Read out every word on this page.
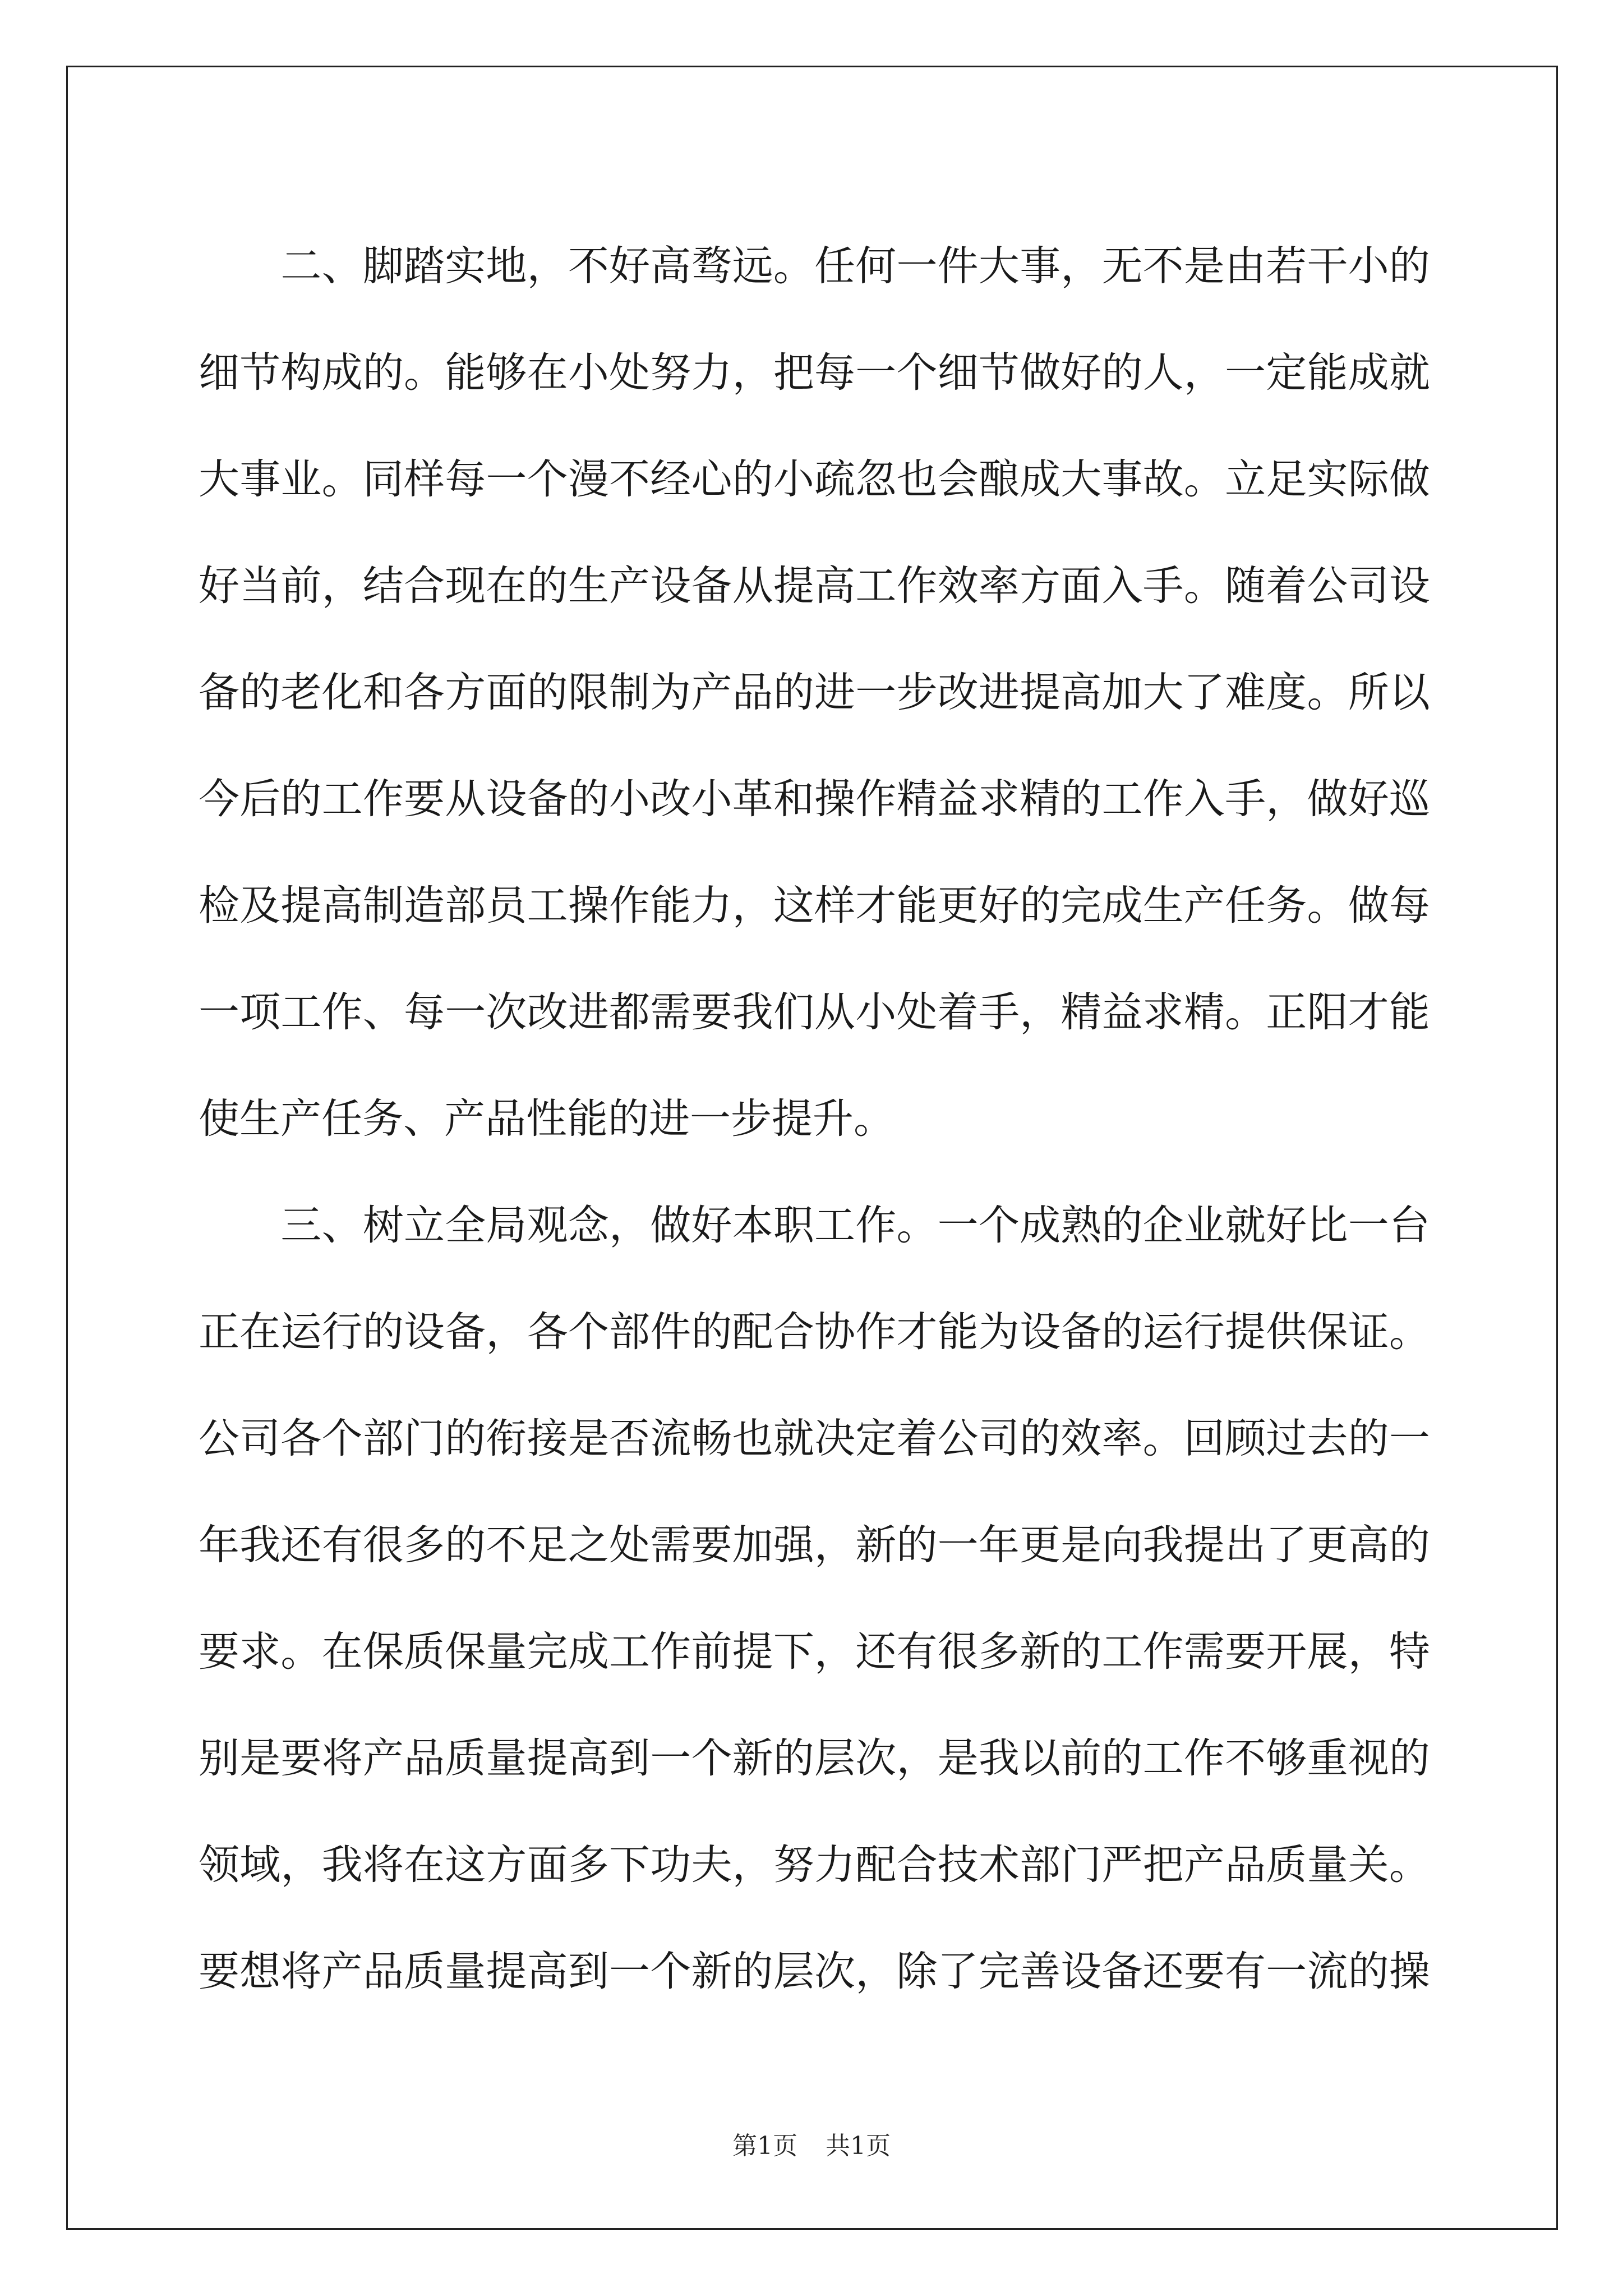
二 、 脚 踏 实 地 ， 不 好 高 骛 远 。 任 何 一 件 大 事 ， 无 不 是 由 若 干 小 的
细 节 构 成 的 。 能 够 在 小 处 努 力 ， 把 每 一 个 细 节 做 好 的 人 ， 一 定 能 成 就
大 事 业 。 同 样 每 一 个 漫 不 经 心 的 小 疏 忽 也 会 酿 成 大 事 故 。 立 足 实 际 做
好 当 前 ， 结 合 现 在 的 生 产 设 备 从 提 高 工 作 效 率 方 面 入 手 。 随 着 公 司 设
备 的 老 化 和 各 方 面 的 限 制 为 产 品 的 进 一 步 改 进 提 高 加 大 了 难 度 。 所 以
今 后 的 工 作 要 从 设 备 的 小 改 小 革 和 操 作 精 益 求 精 的 工 作 入 手 ， 做 好 巡
检 及 提 高 制 造 部 员 工 操 作 能 力 ， 这 样 才 能 更 好 的 完 成 生 产 任 务 。 做 每
一 项 工 作 、 每 一 次 改 进 都 需 要 我 们 从 小 处 着 手 ， 精 益 求 精 。 正 阳 才 能
使生产任务、产品性能的进一步提升。

三 、 树 立 全 局 观 念 ， 做 好 本 职 工 作 。 一 个 成 熟 的 企 业 就 好 比 一 台
正 在 运 行 的 设 备 ， 各 个 部 件 的 配 合 协 作 才 能 为 设 备 的 运 行 提 供 保 证 。
公 司 各 个 部 门 的 衔 接 是 否 流 畅 也 就 决 定 着 公 司 的 效 率 。 回 顾 过 去 的 一
年 我 还 有 很 多 的 不 足 之 处 需 要 加 强 ， 新 的 一 年 更 是 向 我 提 出 了 更 高 的
要 求 。 在 保 质 保 量 完 成 工 作 前 提 下 ， 还 有 很 多 新 的 工 作 需 要 开 展 ， 特
别 是 要 将 产 品 质 量 提 高 到 一 个 新 的 层 次 ， 是 我 以 前 的 工 作 不 够 重 视 的
领 域 ， 我 将 在 这 方 面 多 下 功 夫 ， 努 力 配 合 技 术 部 门 严 把 产 品 质 量 关 。
要 想 将 产 品 质 量 提 高 到 一 个 新 的 层 次 ， 除 了 完 善 设 备 还 要 有 一 流 的 操
第1页 共1页
